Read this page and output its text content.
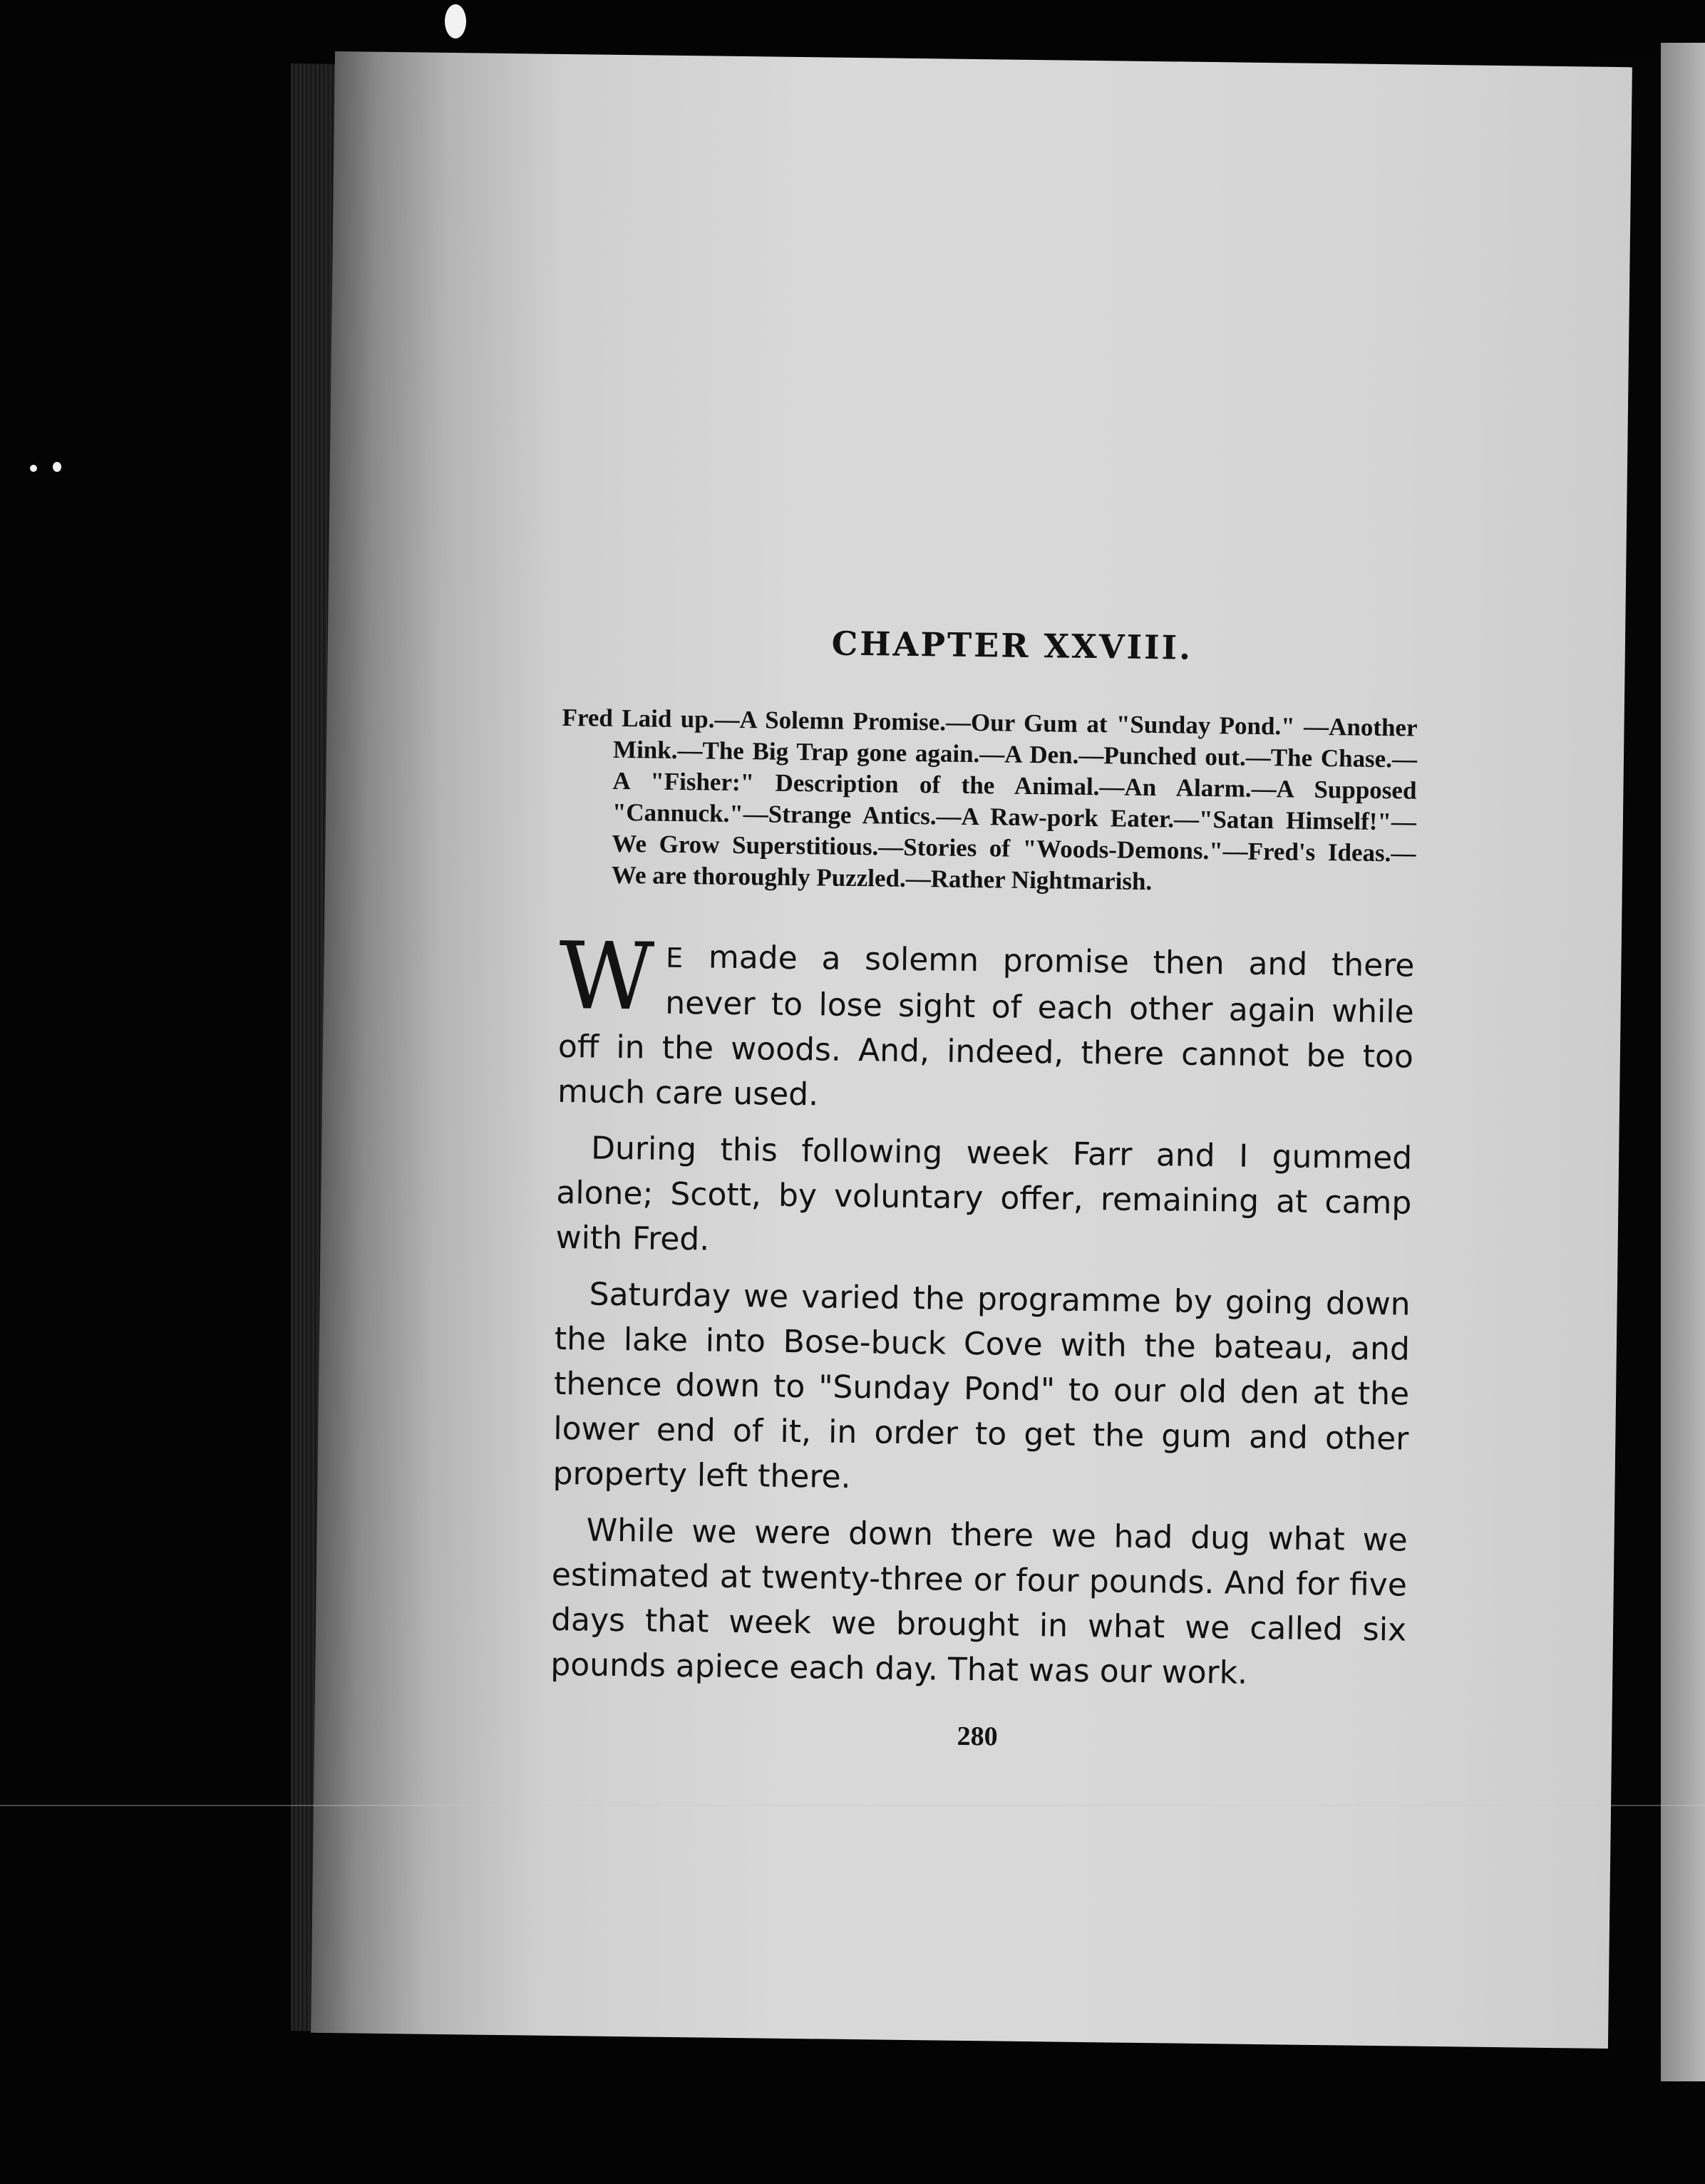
CHAPTER XXVIII.

Fred Laid up.—A Solemn Promise.—Our Gum at "Sunday Pond." —Another Mink.—The Big Trap gone again.—A Den.—Punched out.—The Chase.—A "Fisher:" Description of the Animal.—An Alarm.—A Supposed "Cannuck."—Strange Antics.—A Raw-pork Eater.—"Satan Himself!"—We Grow Superstitious.—Stories of "Woods-Demons."—Fred's Ideas.—We are thoroughly Puzzled.—Rather Nightmarish.

W E made a solemn promise then and there never to lose sight of each other again while off in the woods. And, indeed, there cannot be too much care used.

During this following week Farr and I gummed alone; Scott, by voluntary offer, remaining at camp with Fred.

Saturday we varied the programme by going down the lake into Bose-buck Cove with the bateau, and thence down to "Sunday Pond" to our old den at the lower end of it, in order to get the gum and other property left there.

While we were down there we had dug what we estimated at twenty-three or four pounds. And for five days that week we brought in what we called six pounds apiece each day. That was our work.

280
